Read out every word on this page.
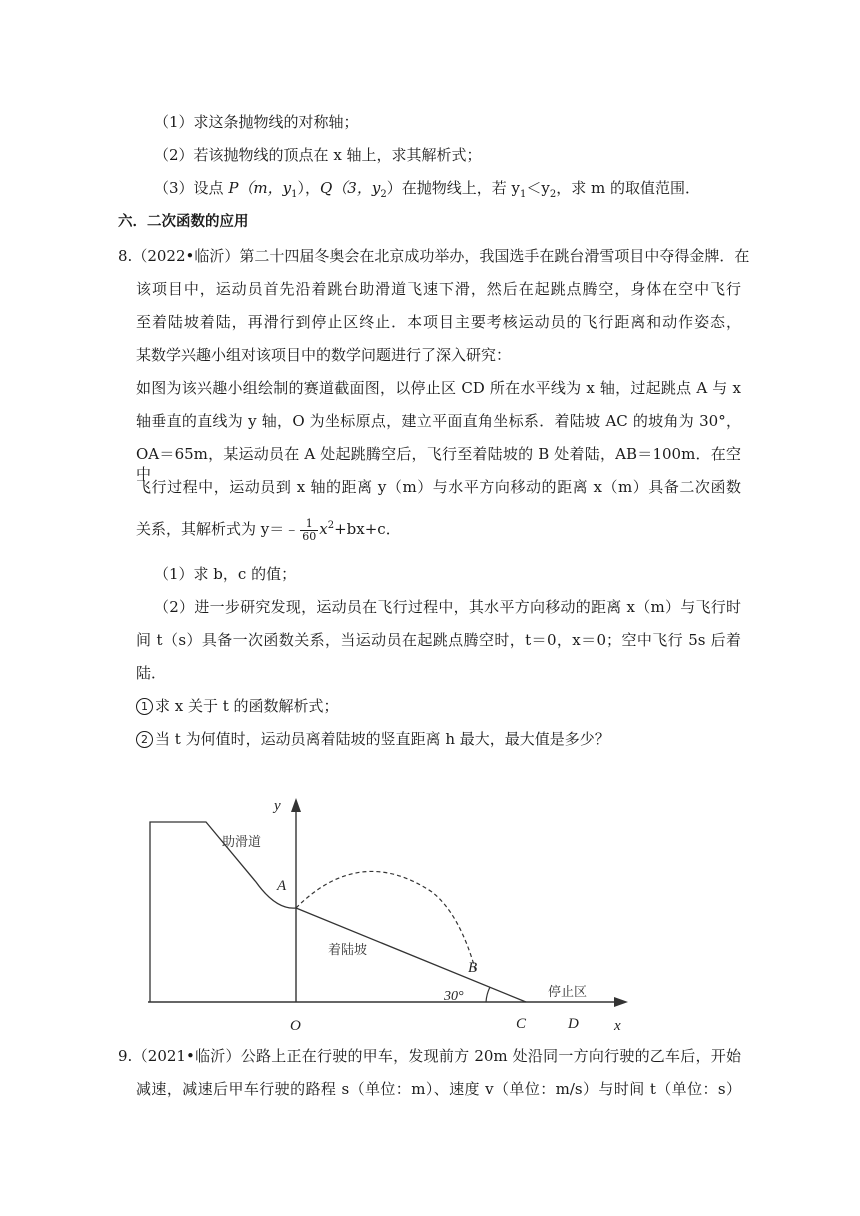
（1）求这条抛物线的对称轴；
（2）若该抛物线的顶点在 x 轴上，求其解析式；
（3）设点 P（m，$y_1$），Q（3，$y_2$）在抛物线上，若 $y_1<y_2$，求 m 的取值范围．
六．二次函数的应用
8.（2022•临沂）第二十四届冬奥会在北京成功举办，我国选手在跳台滑雪项目中夺得金牌．在
该项目中，运动员首先沿着跳台助滑道飞速下滑，然后在起跳点腾空，身体在空中飞行
至着陆坡着陆，再滑行到停止区终止．本项目主要考核运动员的飞行距离和动作姿态，
某数学兴趣小组对该项目中的数学问题进行了深入研究：
如图为该兴趣小组绘制的赛道截面图，以停止区 CD 所在水平线为 x 轴，过起跳点 A 与 x
轴垂直的直线为 y 轴，O 为坐标原点，建立平面直角坐标系．着陆坡 AC 的坡角为 30°，
OA＝65m，某运动员在 A 处起跳腾空后，飞行至着陆坡的 B 处着陆，AB＝100m．在空中
飞行过程中，运动员到 x 轴的距离 y（m）与水平方向移动的距离 x（m）具备二次函数
关系，其解析式为 y＝﹣ $\frac{1}{60} x^2+bx+c$．
（1）求 b，c 的值；
（2）进一步研究发现，运动员在飞行过程中，其水平方向移动的距离 x（m）与飞行时
间 t（s）具备一次函数关系，当运动员在起跳点腾空时，t＝0，x＝0；空中飞行 5s 后着
陆．
1 求 x 关于 t 的函数解析式；
2 当 t 为何值时，运动员离着陆坡的竖直距离 h 最大，最大值是多少？
y
x
A
B
C	D
O
30°
助滑道
着陆坡
停止区
9.（2021•临沂）公路上正在行驶的甲车，发现前方 20m 处沿同一方向行驶的乙车后，开始
减速，减速后甲车行驶的路程 s（单位：m）、速度 v（单位：m/s）与时间 t（单位：s）
